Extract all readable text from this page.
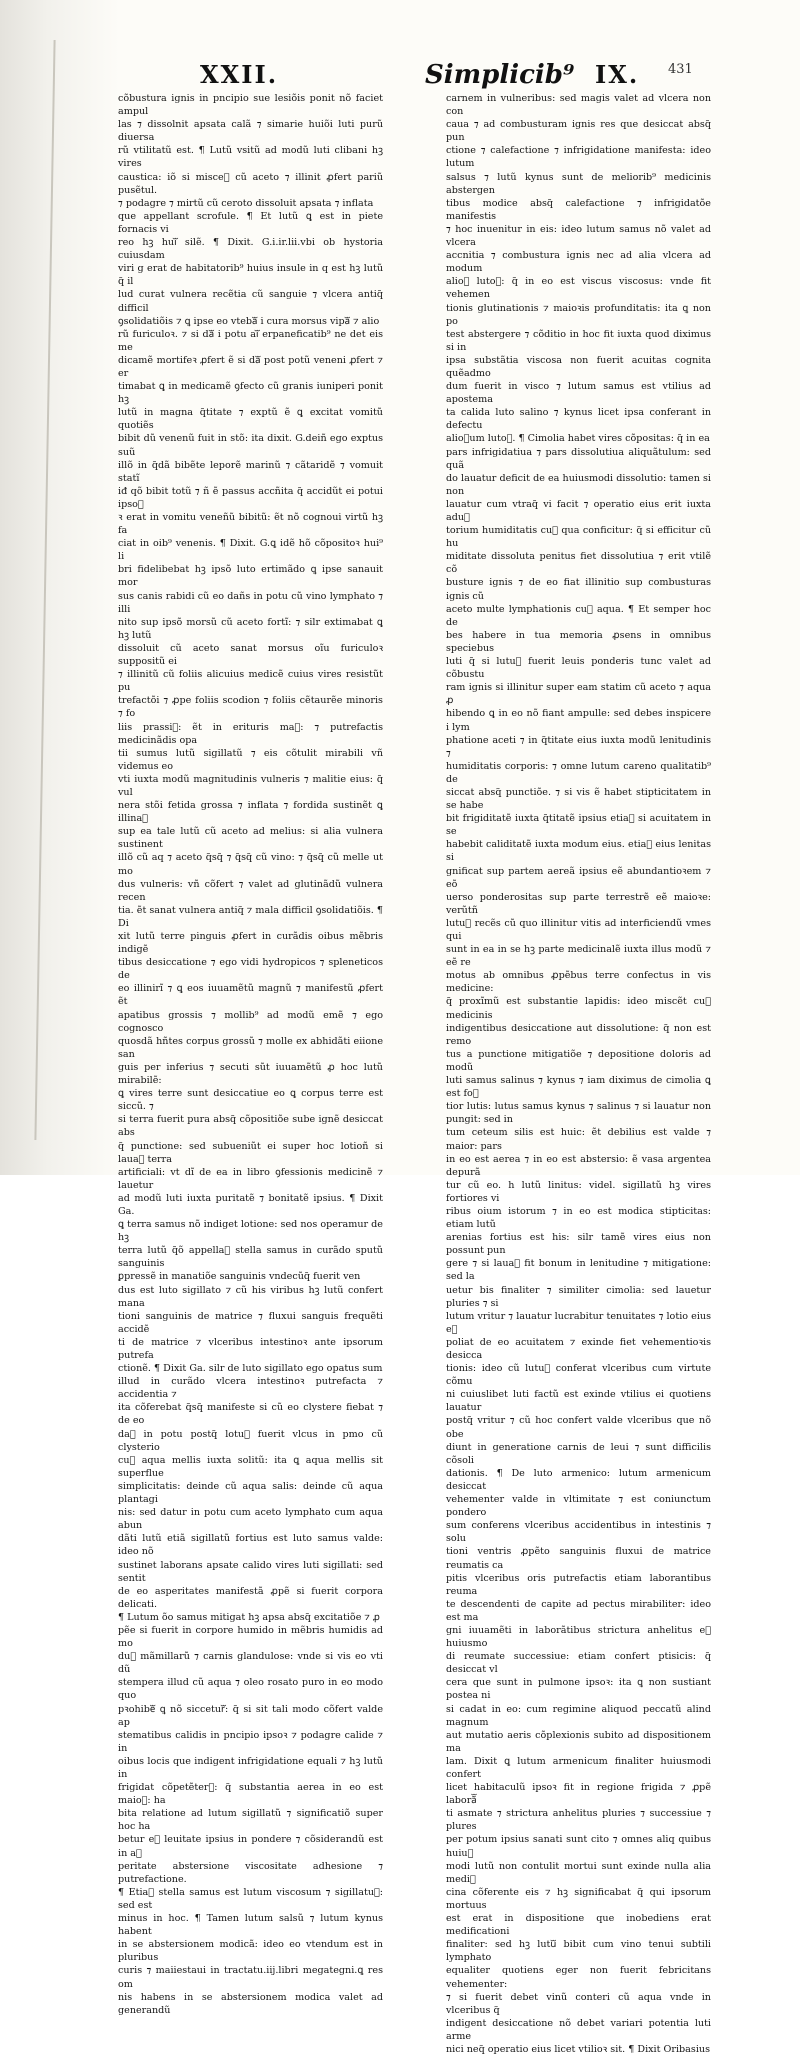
XXII.	Simplicib⁹ IX. 431

cõbustura ignis in pncipio sue lesiõis ponit nõ faciet ampul

las ⁊ dissolnit apsata calã ⁊ simarie huiõi luti purũ diuersa

rũ vtilitatũ est. ¶ Lutũ vsitũ ad modũ luti clibani hꝫ vires

caustica: iõ si misceᷓ cũ aceto ⁊ illinit ꝓfert pariũ pusẽtul.

⁊ podagre ⁊ mirtũ cũ ceroto dissoluit apsata ⁊ inflata

que appellant scrofule. ¶ Et lutũ ꝗ est in piete fornacis vi

reo hꝫ huiᷓ silẽ. ¶ Dixit. G.i.ir.lii.vbi ob hystoria cuiusdam

viri g erat de habitatorib⁹ huius insule in q est hꝫ lutũ q̃ il

lud curat vulnera recẽtia cũ sanguie ⁊ vlcera antiq̃ difficil

ꝯsolidatiõis ⁊ ꝗ ipse eo vtebaᷓ i cura morsus vipaᷓ ⁊ alio

rũ furiculoꝛ. ⁊ si daᷓ i potu aiᷓ erpaneficatib⁹ ne det eis me

dicamẽ mortifeꝛ ꝓfert ẽ si daᷓ post potũ veneni ꝓfert ⁊ er

timabat ꝗ in medicamẽ ꝯfecto cũ granis iuniperi ponit hꝫ

lutũ in magna q̃titate ⁊ exptũ ẽ ꝗ excitat vomitũ quotiẽs

bibit dũ venenũ fuit in stõ: ita dixit. G.deiñ ego exptus suũ

illõ in q̃dã bibẽte leporẽ marinũ ⁊ cãtaridẽ ⁊ vomuit statĩ

iđ qõ bibit totũ ⁊ ñ ẽ passus accñita q̃ accidũt ei potui ipsoᷓ

ꝛ erat in vomitu veneñũ bibitũ: ẽt nõ cognoui virtũ hꝫ fa

ciat in oib⁹ venenis. ¶ Dixit. G.ꝗ idẽ hõ cõpositoꝛ hui⁹ li

bri fidelibebat hꝫ ipsõ luto ertimãdo ꝗ ipse sanauit mor

sus canis rabidi cũ eo dañs in potu cũ vino lymphato ⁊ illi

nito sup ipsõ morsũ cũ aceto fortĩ: ⁊ silr extimabat ꝗ hꝫ lutũ

dissoluit cũ aceto sanat morsus oĩu furiculoꝛ suppositũ ei

⁊ illinitũ cũ foliis alicuius medicẽ cuius vires resistũt pu

trefactõi ⁊ ꝓpe foliis scodion ⁊ foliis cẽtaurẽe minoris ⁊ fo

liis prassiᷓ: ẽt in erituris maᷓ: ⁊ putrefactis medicinãdis opa

tii sumus lutũ sigillatũ ⁊ eis cõtulit mirabili vñ videmus eo

vti iuxta modũ magnitudinis vulneris ⁊ malitie eius: q̃ vul

nera stõi fetida grossa ⁊ inflata ⁊ fordida sustinẽt ꝗ illinaᷓ

sup ea tale lutũ cũ aceto ad melius: si alia vulnera sustinent

illõ cũ aq ⁊ aceto q̃sq̃ ⁊ q̃sq̃ cũ vino: ⁊ q̃sq̃ cũ melle ut mo

dus vulneris: vñ cõfert ⁊ valet ad glutinãdũ vulnera recen

tia. ẽt sanat vulnera antiq̃ ⁊ mala difficil ꝯsolidatiõis. ¶ Di

xit lutũ terre pinguis ꝓfert in curãdis oibus mẽbris indigẽ

tibus desiccatione ⁊ ego vidi hydropicos ⁊ spleneticos de

eo illinirĩ ⁊ ꝗ eos iuuamẽtũ magnũ ⁊ manifestũ ꝓfert ẽt

apatibus grossis ⁊ mollib⁹ ad modũ emẽ ⁊ ego cognosco

quosdã hñtes corpus grossũ ⁊ molle ex abhidãti eiione san

guis per inferius ⁊ secuti sũt iuuamẽtũ ꝓ hoc lutũ mirabilẽ:

ꝗ vires terre sunt desiccatiue eo ꝗ corpus terre est siccũ. ⁊

si terra fuerit pura absq̃ cõpositiõe sube ignẽ desiccat abs

q̃ punctione: sed subueniũt ei super hoc lotioñ si lauaᷓ terra

artificiali: vt dĩ de ea in libro ꝯfessionis medicinẽ ⁊ lauetur

ad modũ luti iuxta puritatẽ ⁊ bonitatẽ ipsius. ¶ Dixit Ga.

ꝗ terra samus nõ indiget lotione: sed nos operamur de hꝫ

terra lutũ q̃õ appellaᷓ stella samus in curãdo sputũ sanguinis

ꝑpressẽ in manatiõe sanguinis vndecũq̃ fuerit ven

dus est luto sigillato ⁊ cũ his viribus hꝫ lutũ confert mana

tioni sanguinis de matrice ⁊ fluxui sanguis frequẽti accidẽ

ti de matrice ⁊ vlceribus intestinoꝛ ante ipsorum putrefa

ctionẽ. ¶ Dixit Ga. silr de luto sigillato ego opatus sum

illud in curãdo vlcera intestinoꝛ putrefacta ⁊ accidentia ⁊

ita cõferebat q̃sq̃ manifeste si cũ eo clystere fiebat ⁊ de eo

daᷓ in potu postq̃ lotuᷓ fuerit vlcus in pmo cũ clysterio

cuᷓ aqua mellis iuxta solitũ: ita ꝗ aqua mellis sit superflue

simplicitatis: deinde cũ aqua salis: deinde cũ aqua plantagi

nis: sed datur in potu cum aceto lymphato cum aqua abun

dãti lutũ etiã sigillatũ fortius est luto samus valde: ideo nõ

sustinet laborans apsate calido vires luti sigillati: sed sentit

de eo asperitates manifestã ꝓpẽ si fuerit corpora delicati.

¶ Lutum õo samus mitigat hꝫ apsa absq̃ excitatiõe ⁊ ꝓ

pẽe si fuerit in corpore humido in mẽbris humidis ad mo

duᷓ mãmillarũ ⁊ carnis glandulose: vnde si vis eo vti dũ

stempera illud cũ aqua ⁊ oleo rosato puro in eo modo quo

pꝛohibeᷓ ꝗ nõ sicceturᷓ: q̃ si sit tali modo cõfert valde ap

stematibus calidis in pncipio ipsoꝛ ⁊ podagre calide ⁊ in

oibus locis que indigent infrigidatione equali ⁊ hꝫ lutũ in

frigidat cõpetẽterᷓ: q̃ substantia aerea in eo est maioᷓ: ha

bita relatione ad lutum sigillatũ ⁊ significatiõ super hoc ha

betur eᷓ leuitate ipsius in pondere ⁊ cõsiderandũ est in aᷓ

peritate abstersione viscositate adhesione ⁊ putrefactione.

¶ Etiaᷓ stella samus est lutum viscosum ⁊ sigillatuᷓ: sed est

minus in hoc. ¶ Tamen lutum salsũ ⁊ lutum kynus habent

in se abstersionem modicã: ideo eo vtendum est in pluribus

curis ⁊ maiiestaui in tractatu.iij.libri megategni.ꝗ res om

nis habens in se abstersionem modica valet ad generandũ

carnem in vulneribus: sed magis valet ad vlcera non con

caua ⁊ ad combusturam ignis res que desiccat absq̃ pun

ctione ⁊ calefactione ⁊ infrigidatione manifesta: ideo lutum

salsus ⁊ lutũ kynus sunt de meliorib⁹ medicinis abstergen

tibus modice absq̃ calefactione ⁊ infrigidatõe manifestis

⁊ hoc inuenitur in eis: ideo lutum samus nõ valet ad vlcera

accnitia ⁊ combustura ignis nec ad alia vlcera ad modum

alioᷓ lutoᷓ: q̃ in eo est viscus viscosus: vnde fit vehemen

tionis glutinationis ⁊ maioꝛis profunditatis: ita ꝗ non po

test abstergere ⁊ cõditio in hoc fit iuxta quod diximus si in

ipsa substãtia viscosa non fuerit acuitas cognita quẽadmo

dum fuerit in visco ⁊ lutum samus est vtilius ad apostema

ta calida luto salino ⁊ kynus licet ipsa conferant in defectu

alioᷓum lutoᷓ. ¶ Cimolia habet vires cõpositas: q̃ in ea

pars infrigidatiua ⁊ pars dissolutiua aliquãtulum: sed quã

do lauatur deficit de ea huiusmodi dissolutio: tamen si non

lauatur cum vtraq̃ vi facit ⁊ operatio eius erit iuxta aduᷓ

torium humiditatis cuᷓ qua conficitur: q̃ si efficitur cũ hu

miditate dissoluta penitus fiet dissolutiua ⁊ erit vtilẽ cõ

busture ignis ⁊ de eo fiat illinitio sup combusturas ignis cũ

aceto multe lymphationis cuᷓ aqua. ¶ Et semper hoc de

bes habere in tua memoria ꝓsens in omnibus speciebus

luti q̃ si lutuᷓ fuerit leuis ponderis tunc valet ad cõbustu

ram ignis si illinitur super eam statim cũ aceto ⁊ aqua ꝓ

hibendo ꝗ in eo nõ fiant ampulle: sed debes inspicere i lym

phatione aceti ⁊ in q̃titate eius iuxta modũ lenitudinis ⁊

humiditatis corporis: ⁊ omne lutum careno qualitatib⁹ de

siccat absq̃ punctiõe. ⁊ si vis ẽ habet stipticitatem in se habe

bit frigiditatẽ iuxta q̃titatẽ ipsius etiaᷓ si acuitatem in se

habebit caliditatẽ iuxta modum eius. etiaᷓ eius lenitas si

gnificat sup partem aereã ipsius eẽ abundantioꝛem ⁊ eõ

uerso ponderositas sup parte terrestrẽ eẽ maioꝛe: verũtñ

lutuᷓ recẽs cũ quo illinitur vitis ad interficiendũ vmes qui

sunt in ea in se hꝫ parte medicinalẽ iuxta illus modũ ⁊ eẽ re

motus ab omnibus ꝓpẽbus terre confectus in vis medicine:

q̃ proxĩmũ est substantie lapidis: ideo miscẽt cuᷓ medicinis

indigentibus desiccatione aut dissolutione: q̃ non est remo

tus a punctione mitigatiõe ⁊ depositione doloris ad modũ

luti samus salinus ⁊ kynus ⁊ iam diximus de cimolia ꝗ est foᷓ

tior lutis: lutus samus kynus ⁊ salinus ⁊ si lauatur non pungit: sed in

tum ceteum silis est huic: ẽt debilius est valde ⁊ maior: pars

in eo est aerea ⁊ in eo est abstersio: ẽ vasa argentea depurã

tur cũ eo. h lutũ linitus: videl. sigillatũ hꝫ vires fortiores vi

ribus oium istorum ⁊ in eo est modica stipticitas: etiam lutũ

arenias fortius est his: silr tamẽ vires eius non possunt pun

gere ⁊ si lauaᷓ fit bonum in lenitudine ⁊ mitigatione: sed la

uetur bis finaliter ⁊ similiter cimolia: sed lauetur pluries ⁊ si

lutum vritur ⁊ lauatur lucrabitur tenuitates ⁊ lotio eius eᷓ

poliat de eo acuitatem ⁊ exinde fiet vehementioꝛis desicca

tionis: ideo cũ lutuᷓ conferat vlceribus cum virtute cõmu

ni cuiuslibet luti factũ est exinde vtilius ei quotiens lauatur

postq̃ vritur ⁊ cũ hoc confert valde vlceribus que nõ obe

diunt in generatione carnis de leui ⁊ sunt difficilis cõsoli

dationis. ¶ De luto armenico: lutum armenicum desiccat

vehementer valde in vltimitate ⁊ est coniunctum pondero

sum conferens vlceribus accidentibus in intestinis ⁊ solu

tioni ventris ꝓpẽto sanguinis fluxui de matrice reumatis ca

pitis vlceribus oris putrefactis etiam laborantibus reuma

te descendenti de capite ad pectus mirabiliter: ideo est ma

gni iuuamẽti in laborãtibus strictura anhelitus eᷓ huiusmo

di reumate successiue: etiam confert ptisicis: q̃ desiccat vl

cera que sunt in pulmone ipsoꝛ: ita ꝗ non sustiant postea ni

si cadat in eo: cum regimine aliquod peccatũ alind magnum

aut mutatio aeris cõplexionis subito ad dispositionem ma

lam. Dixit ꝗ lutum armenicum finaliter huiusmodi confert

licet habitaculũ ipsoꝛ fit in regione frigida ⁊ ꝓpẽ laborãᷓ

ti asmate ⁊ strictura anhelitus pluries ⁊ successiue ⁊ plures

per potum ipsius sanati sunt cito ⁊ omnes aliq quibus huiuᷓ

modi lutũ non contulit mortui sunt exinde nulla alia mediᷓ

cina cõferente eis ⁊ hꝫ significabat q̃ qui ipsorum mortuus

est erat in dispositione que inobediens erat medificationi

finaliter: sed hꝫ lutuᷓ bibit cum vino tenui subtili lymphato

equaliter quotiens eger non fuerit febricitans vehementer:

⁊ si fuerit debet vinũ conteri cũ aqua vnde in vlceribus q̃

indigent desiccatione nõ debet variari potentia luti arme

nici neq̃ operatio eius licet vtilioꝛ sit. ¶ Dixit Oribasius
